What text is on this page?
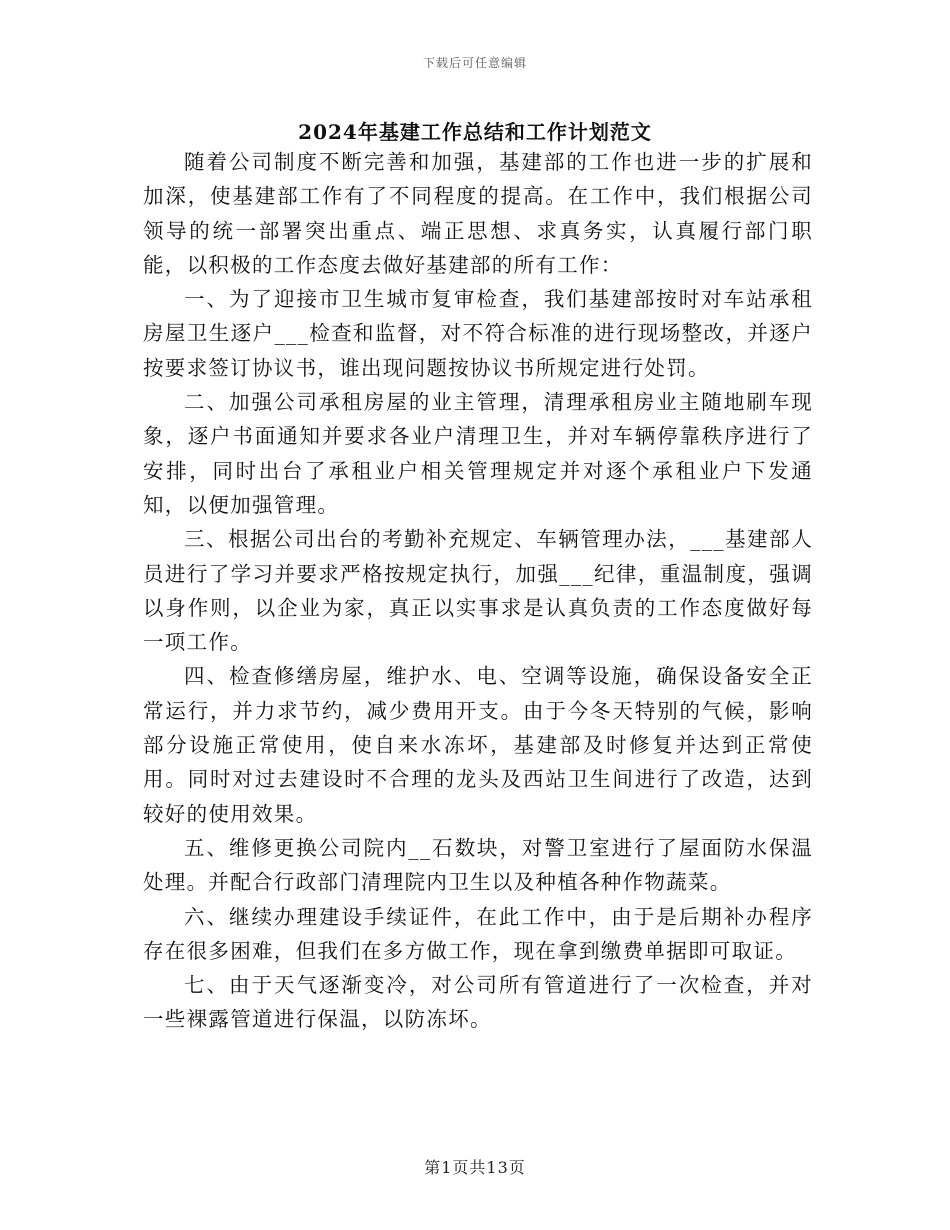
下载后可任意编辑
2024年基建工作总结和工作计划范文

随着公司制度不断完善和加强，基建部的工作也进一步的扩展和加深，使基建部工作有了不同程度的提高。在工作中，我们根据公司领导的统一部署突出重点、端正思想、求真务实，认真履行部门职能，以积极的工作态度去做好基建部的所有工作：

一、为了迎接市卫生城市复审检查，我们基建部按时对车站承租房屋卫生逐户___检查和监督，对不符合标准的进行现场整改，并逐户按要求签订协议书，谁出现问题按协议书所规定进行处罚。

二、加强公司承租房屋的业主管理，清理承租房业主随地刷车现象，逐户书面通知并要求各业户清理卫生，并对车辆停靠秩序进行了安排，同时出台了承租业户相关管理规定并对逐个承租业户下发通知，以便加强管理。

三、根据公司出台的考勤补充规定、车辆管理办法，___基建部人员进行了学习并要求严格按规定执行，加强___纪律，重温制度，强调以身作则，以企业为家，真正以实事求是认真负责的工作态度做好每一项工作。

四、检查修缮房屋，维护水、电、空调等设施，确保设备安全正常运行，并力求节约，减少费用开支。由于今冬天特别的气候，影响部分设施正常使用，使自来水冻坏，基建部及时修复并达到正常使用。同时对过去建设时不合理的龙头及西站卫生间进行了改造，达到较好的使用效果。

五、维修更换公司院内__石数块，对警卫室进行了屋面防水保温处理。并配合行政部门清理院内卫生以及种植各种作物蔬菜。

六、继续办理建设手续证件，在此工作中，由于是后期补办程序存在很多困难，但我们在多方做工作，现在拿到缴费单据即可取证。

七、由于天气逐渐变冷，对公司所有管道进行了一次检查，并对一些裸露管道进行保温，以防冻坏。

第1页共13页
